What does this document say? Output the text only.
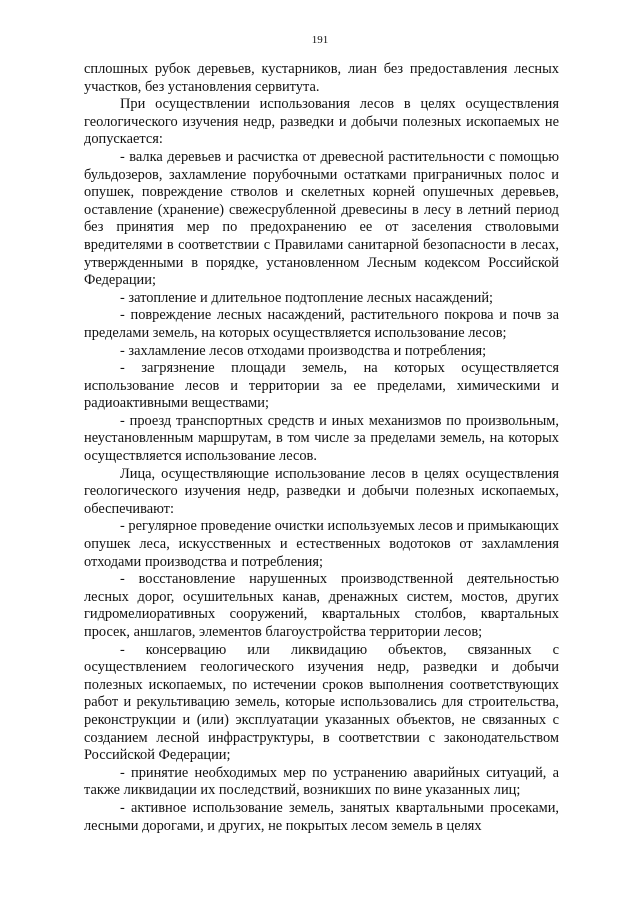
191

сплошных рубок деревьев, кустарников, лиан без предоставления лесных участков, без установления сервитута.

При осуществлении использования лесов в целях осуществления геологического изучения недр, разведки и добычи полезных ископаемых не допускается:

- валка деревьев и расчистка от древесной растительности с помощью бульдозеров, захламление порубочными остатками приграничных полос и опушек, повреждение стволов и скелетных корней опушечных деревьев, оставление (хранение) свежесрубленной древесины в лесу в летний период без принятия мер по предохранению ее от заселения стволовыми вредителями в соответствии с Правилами санитарной безопасности в лесах, утвержденными в порядке, установленном Лесным кодексом Российской Федерации;

- затопление и длительное подтопление лесных насаждений;

- повреждение лесных насаждений, растительного покрова и почв за пределами земель, на которых осуществляется использование лесов;

- захламление лесов отходами производства и потребления;

- загрязнение площади земель, на которых осуществляется использование лесов и территории за ее пределами, химическими и радиоактивными веществами;

- проезд транспортных средств и иных механизмов по произвольным, неустановленным маршрутам, в том числе за пределами земель, на которых осуществляется использование лесов.

Лица, осуществляющие использование лесов в целях осуществления геологического изучения недр, разведки и добычи полезных ископаемых, обеспечивают:

- регулярное проведение очистки используемых лесов и примыкающих опушек леса, искусственных и естественных водотоков от захламления отходами производства и потребления;

- восстановление нарушенных производственной деятельностью лесных дорог, осушительных канав, дренажных систем, мостов, других гидромелиоративных сооружений, квартальных столбов, квартальных просек, аншлагов, элементов благоустройства территории лесов;

- консервацию или ликвидацию объектов, связанных с осуществлением геологического изучения недр, разведки и добычи полезных ископаемых, по истечении сроков выполнения соответствующих работ и рекультивацию земель, которые использовались для строительства, реконструкции и (или) эксплуатации указанных объектов, не связанных с созданием лесной инфраструктуры, в соответствии с законодательством Российской Федерации;

- принятие необходимых мер по устранению аварийных ситуаций, а также ликвидации их последствий, возникших по вине указанных лиц;

- активное использование земель, занятых квартальными просеками, лесными дорогами, и других, не покрытых лесом земель в целях
